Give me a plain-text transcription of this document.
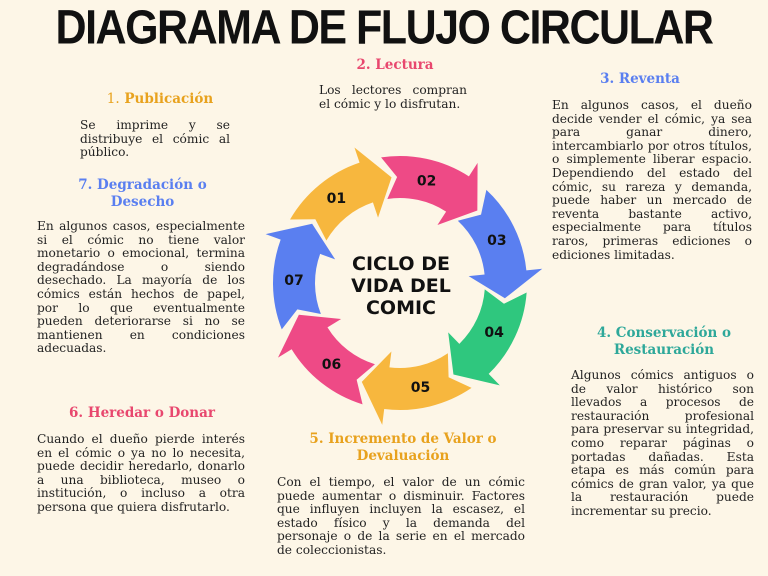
DIAGRAMA DE FLUJO CIRCULAR
1. Publicación
Se imprime y se distribuye el cómic al público.
2. Lectura
Los lectores compran el cómic y lo disfrutan.
3. Reventa
En algunos casos, el dueño decide vender el cómic, ya sea para ganar dinero, intercambiarlo por otros títulos, o simplemente liberar espacio. Dependiendo del estado del cómic, su rareza y demanda, puede haber un mercado de reventa bastante activo, especialmente para títulos raros, primeras ediciones o ediciones limitadas.
4. Conservación o Restauración
Algunos cómics antiguos o de valor histórico son llevados a procesos de restauración profesional para preservar su integridad, como reparar páginas o portadas dañadas. Esta etapa es más común para cómics de gran valor, ya que la restauración puede incrementar su precio.
5. Incremento de Valor o Devaluación
Con el tiempo, el valor de un cómic puede aumentar o disminuir. Factores que influyen incluyen la escasez, el estado físico y la demanda del personaje o de la serie en el mercado de coleccionistas.
6. Heredar o Donar
Cuando el dueño pierde interés en el cómic o ya no lo necesita, puede decidir heredarlo, donarlo a una biblioteca, museo o institución, o incluso a otra persona que quiera disfrutarlo.
7. Degradación o Desecho
En algunos casos, especialmente si el cómic no tiene valor monetario o emocional, termina degradándose o siendo desechado. La mayoría de los cómics están hechos de papel, por lo que eventualmente pueden deteriorarse si no se mantienen en condiciones adecuadas.
01
02
03
04
05
06
07
CICLO DE VIDA DEL COMIC
